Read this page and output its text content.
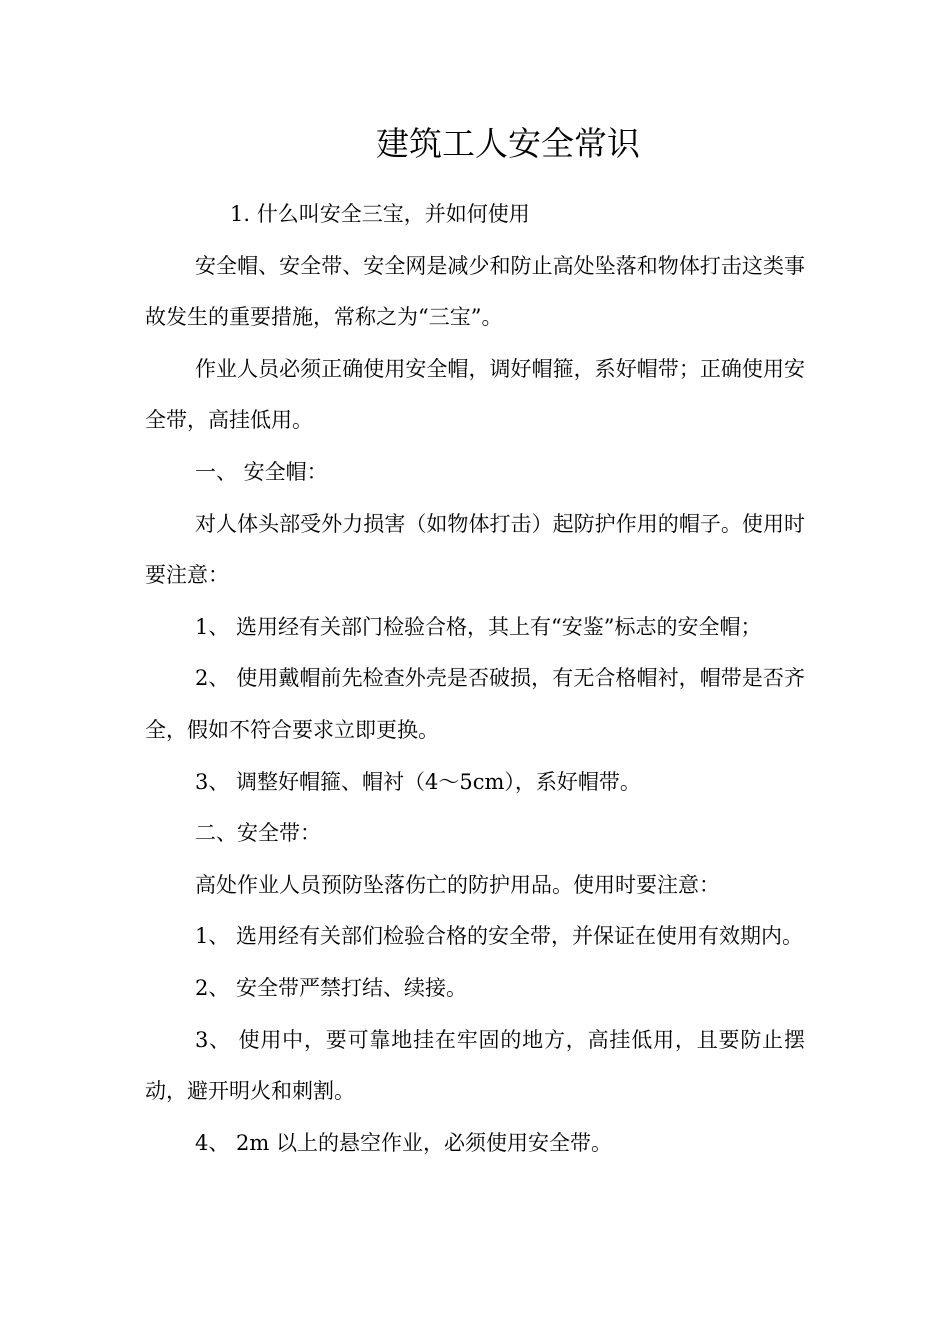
建筑工人安全常识

1. 什么叫安全三宝，并如何使用

安全帽、安全带、安全网是减少和防止高处坠落和物体打击这类事故发生的重要措施，常称之为“三宝”。

作业人员必须正确使用安全帽，调好帽箍，系好帽带；正确使用安全带，高挂低用。

一、 安全帽：

对人体头部受外力损害（如物体打击）起防护作用的帽子。使用时要注意：

1、 选用经有关部门检验合格，其上有“安鉴”标志的安全帽；

2、 使用戴帽前先检查外壳是否破损，有无合格帽衬，帽带是否齐全，假如不符合要求立即更换。

3、 调整好帽箍、帽衬（4～5cm），系好帽带。

二、安全带：

高处作业人员预防坠落伤亡的防护用品。使用时要注意：

1、 选用经有关部们检验合格的安全带，并保证在使用有效期内。

2、 安全带严禁打结、续接。

3、 使用中，要可靠地挂在牢固的地方，高挂低用，且要防止摆动，避开明火和刺割。

4、 2m 以上的悬空作业，必须使用安全带。
